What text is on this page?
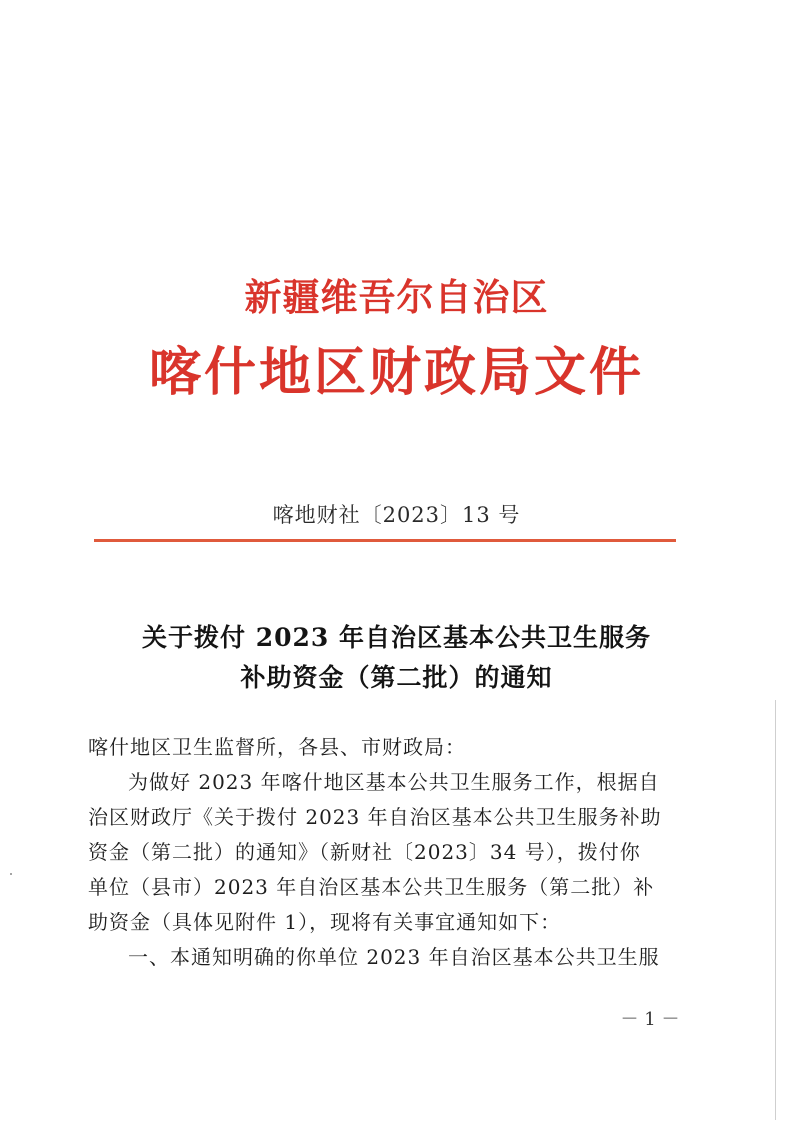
新疆维吾尔自治区
喀什地区财政局文件
喀地财社〔2023〕13 号
关于拨付 2023 年自治区基本公共卫生服务
补助资金（第二批）的通知

喀什地区卫生监督所，各县、市财政局：

为做好 2023 年喀什地区基本公共卫生服务工作，根据自

治区财政厅《关于拨付 2023 年自治区基本公共卫生服务补助

资金（第二批）的通知》（新财社〔2023〕34 号），拨付你

单位（县市）2023 年自治区基本公共卫生服务（第二批）补

助资金（具体见附件 1），现将有关事宜通知如下：

一、本通知明确的你单位 2023 年自治区基本公共卫生服

－ 1 －
